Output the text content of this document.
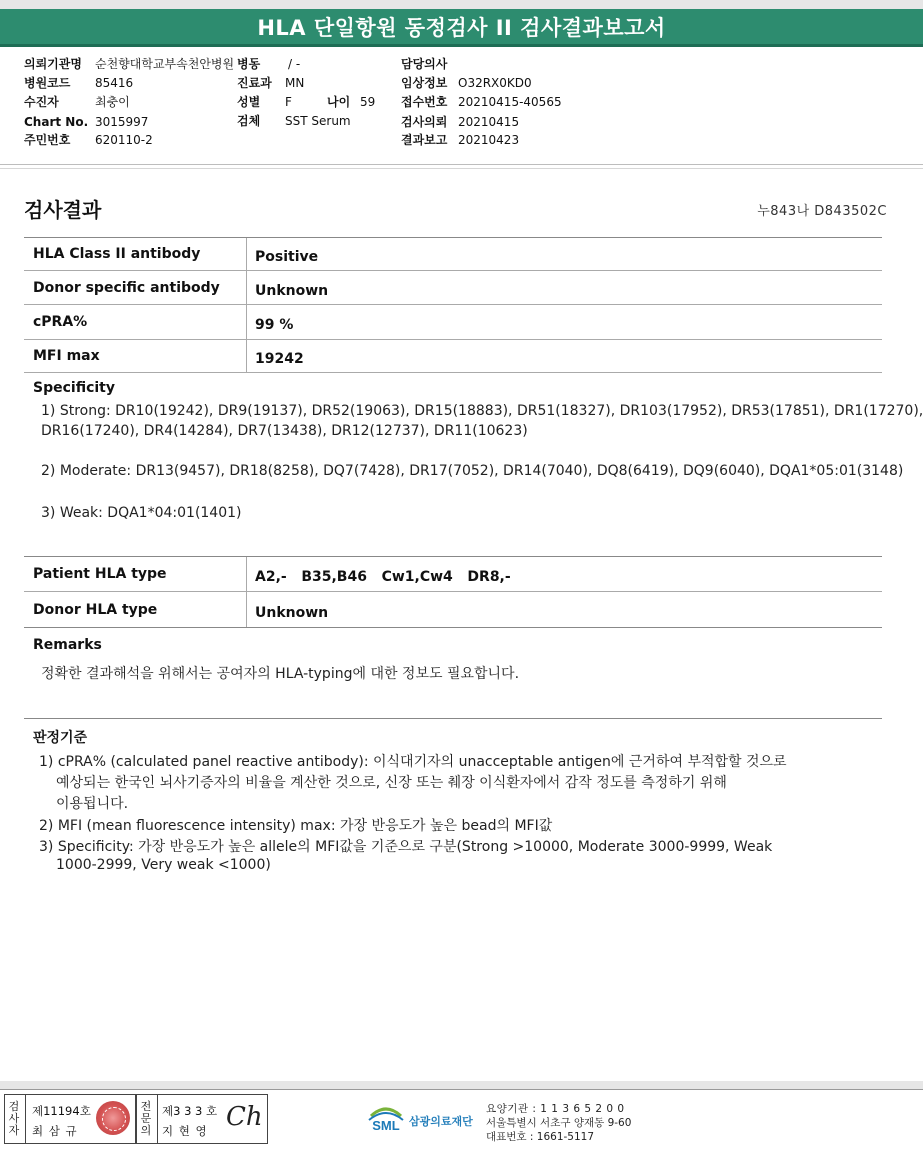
HLA 단일항원 동정검사 II 검사결과보고서
의뢰기관명 순천향대학교부속천안병원 병동 / -	담당의사
병원코드 85416	진료과 MN	임상정보 O32RX0KD0
수진자	최충이	성별 F	나이 59 접수번호 20210415-40565
Chart No. 3015997	검체 SST Serum	검사의뢰 20210415
주민번호 620110-2	결과보고 20210423
검사결과	누843나 D843502C
HLA Class II antibody	Positive
Donor specific antibody	Unknown
cPRA%	99 %
MFI max	19242
Specificity
1) Strong: DR10(19242), DR9(19137), DR52(19063), DR15(18883), DR51(18327), DR103(17952), DR53(17851), DR1(17270),
DR16(17240), DR4(14284), DR7(13438), DR12(12737), DR11(10623)
2) Moderate: DR13(9457), DR18(8258), DQ7(7428), DR17(7052), DR14(7040), DQ8(6419), DQ9(6040), DQA1*05:01(3148)
3) Weak: DQA1*04:01(1401)
Patient HLA type	A2,-   B35,B46   Cw1,Cw4   DR8,-
Donor HLA type	Unknown
Remarks
정확한 결과해석을 위해서는 공여자의 HLA-typing에 대한 정보도 필요합니다.
판정기준
1) cPRA% (calculated panel reactive antibody): 이식대기자의 unacceptable antigen에 근거하여 부적합할 것으로
예상되는 한국인 뇌사기증자의 비율을 계산한 것으로, 신장 또는 췌장 이식환자에서 감작 정도를 측정하기 위해
이용됩니다.
2) MFI (mean fluorescence intensity) max: 가장 반응도가 높은 bead의 MFI값
3) Specificity: 가장 반응도가 높은 allele의 MFI값을 기준으로 구분(Strong >10000, Moderate 3000-9999, Weak
1000-2999, Very weak <1000)
검사자
제11194호
최 삼 규
전문의
제3 3 3 호
지 현 영 Ch	SML 삼광의료재단
요양기관 : 1 1 3 6 5 2 0 0
서울특별시 서초구 양재동 9-60
대표번호 : 1661-5117
